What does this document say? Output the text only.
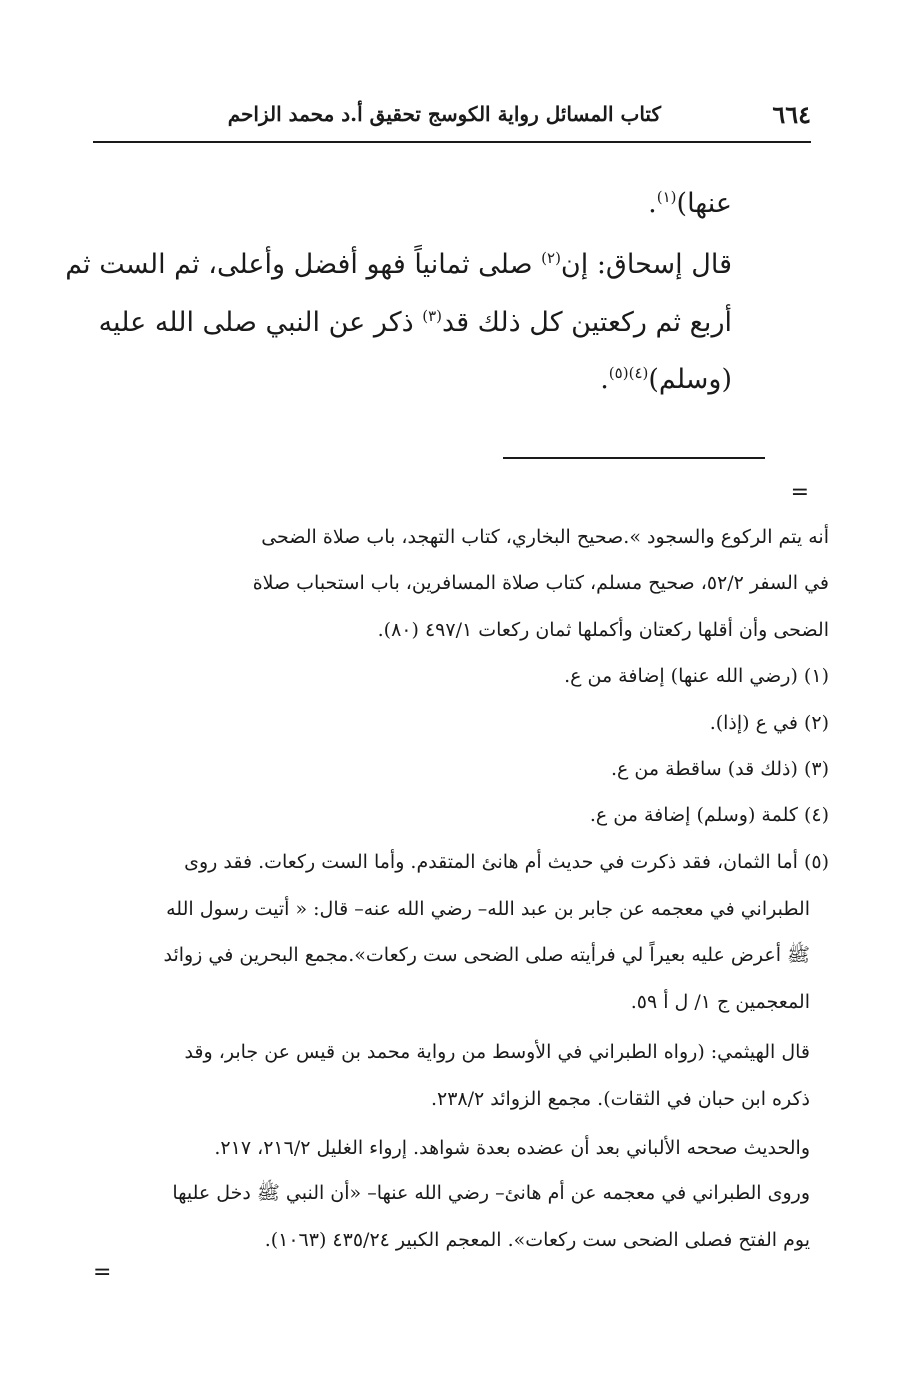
٦٦٤
كتاب المسائل رواية الكوسج تحقيق أ.د محمد الزاحم
عنها)$^{(١)}$.
قال إسحاق: إن$^{(٢)}$ صلى ثمانياً فهو أفضل وأعلى، ثم الست ثم
أربع ثم ركعتين كل ذلك قد$^{(٣)}$ ذكر عن النبي صلى الله عليه
(وسلم)$^{(٤)(٥)}$.
=
أنه يتم الركوع والسجود ».صحيح البخاري، كتاب التهجد، باب صلاة الضحى
في السفر ٥٢/٢، صحيح مسلم، كتاب صلاة المسافرين، باب استحباب صلاة
الضحى وأن أقلها ركعتان وأكملها ثمان ركعات ٤٩٧/١ (٨٠).
(١) (رضي الله عنها) إضافة من ع.
(٢) في ع (إذا).
(٣) (ذلك قد) ساقطة من ع.
(٤) كلمة (وسلم) إضافة من ع.
(٥) أما الثمان، فقد ذكرت في حديث أم هانئ المتقدم. وأما الست ركعات. فقد روى
الطبراني في معجمه عن جابر بن عبد الله– رضي الله عنه– قال: « أتيت رسول الله
ﷺ أعرض عليه بعيراً لي فرأيته صلى الضحى ست ركعات».مجمع البحرين في زوائد
المعجمين ج ١/ ل أ ٥٩.
قال الهيثمي: (رواه الطبراني في الأوسط من رواية محمد بن قيس عن جابر، وقد
ذكره ابن حبان في الثقات). مجمع الزوائد ٢٣٨/٢.
والحديث صححه الألباني بعد أن عضده بعدة شواهد. إرواء الغليل ٢١٦/٢، ٢١٧.
وروى الطبراني في معجمه عن أم هانئ– رضي الله عنها– «أن النبي ﷺ دخل عليها
يوم الفتح فصلى الضحى ست ركعات». المعجم الكبير ٤٣٥/٢٤ (١٠٦٣).
=
